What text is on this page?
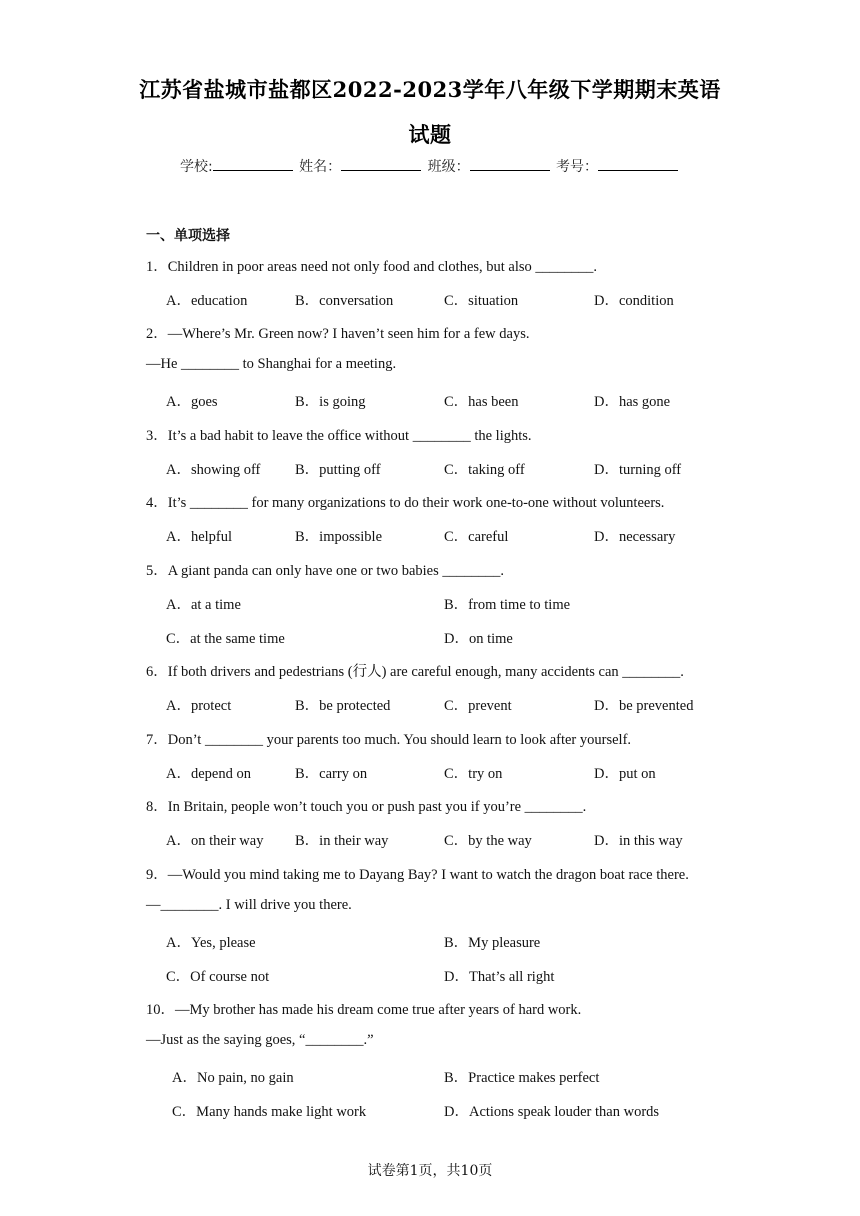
江苏省盐城市盐都区2022-2023学年八年级下学期期末英语
试题
学校:	姓名：	班级：	考号：
一、单项选择
1．Children in poor areas need not only food and clothes, but also ________.
A．education	B．conversation	C．situation	D．condition
2．—Where’s Mr. Green now? I haven’t seen him for a few days.
—He ________ to Shanghai for a meeting.
A．goes	B．is going	C．has been	D．has gone
3．It’s a bad habit to leave the office without ________ the lights.
A．showing off B．putting off	C．taking off	D．turning off
4．It’s ________ for many organizations to do their work one-to-one without volunteers.
A．helpful	B．impossible	C．careful	D．necessary
5．A giant panda can only have one or two babies ________.
A．at a time	B．from time to time
C．at the same time	D．on time
6．If both drivers and pedestrians (行人) are careful enough, many accidents can ________.
A．protect	B．be protected	C．prevent	D．be prevented
7．Don’t ________ your parents too much. You should learn to look after yourself.
A．depend on	B．carry on	C．try on	D．put on
8．In Britain, people won’t touch you or push past you if you’re ________.
A．on their way B．in their way	C．by the way	D．in this way
9．—Would you mind taking me to Dayang Bay? I want to watch the dragon boat race there.
—________. I will drive you there.
A．Yes, please	B．My pleasure
C．Of course not	D．That’s all right
10．—My brother has made his dream come true after years of hard work.
—Just as the saying goes, “________.”
A．No pain, no gain	B．Practice makes perfect
C．Many hands make light work	D．Actions speak louder than words
试卷第1页，共10页
